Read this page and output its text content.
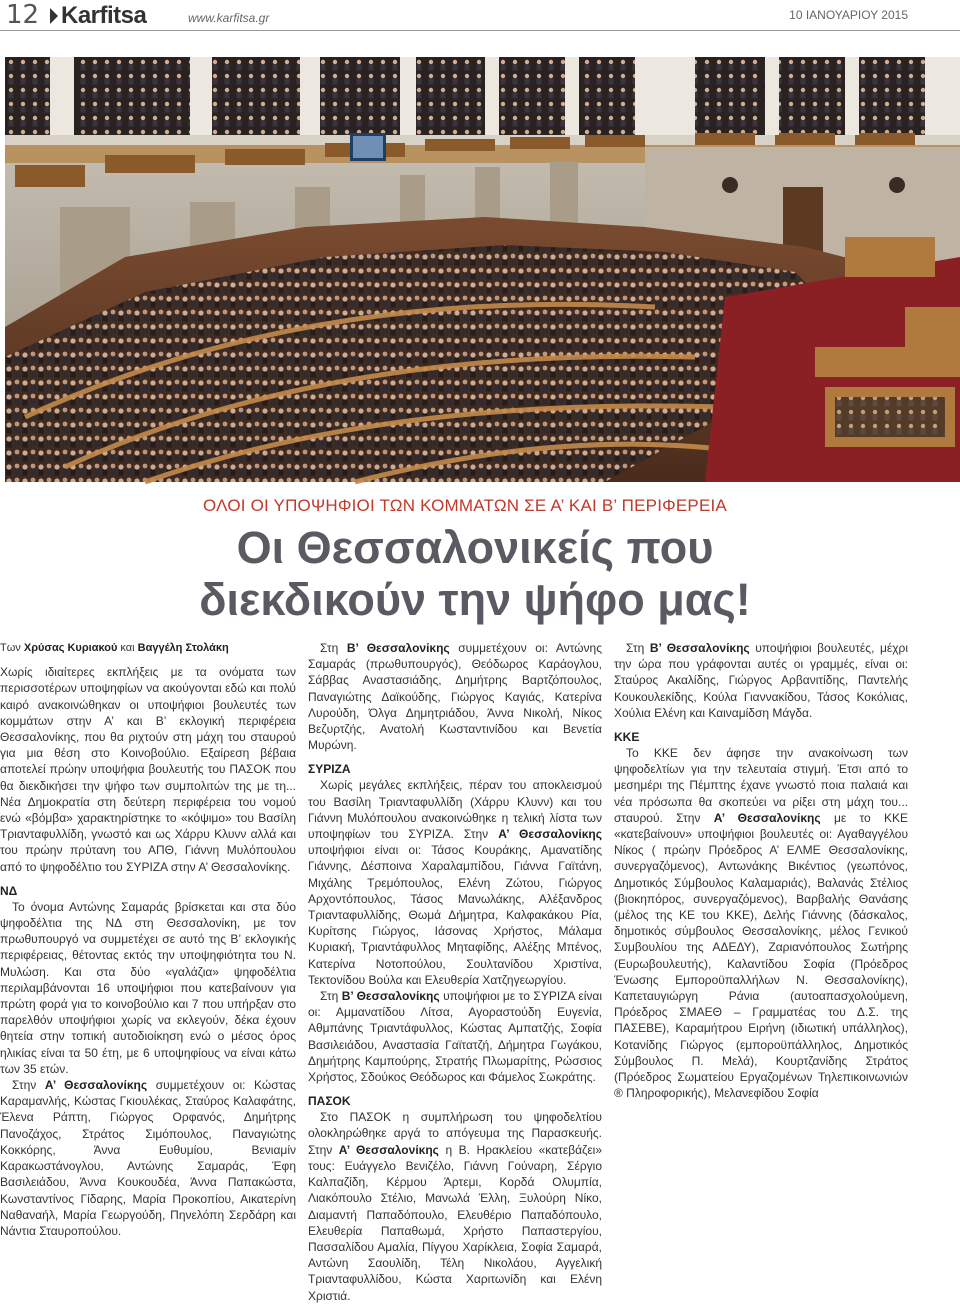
12 Karfitsa	www.karfitsa.gr	10 ΙΑΝΟΥΑΡΙΟΥ 2015
ΟΛΟΙ ΟΙ ΥΠΟΨΗΦΙΟΙ ΤΩΝ ΚΟΜΜΑΤΩΝ ΣΕ Α’ ΚΑΙ Β’ ΠΕΡΙΦΕΡΕΙΑ
Οι Θεσσαλονικείς που διεκδικούν την ψήφο μας!
Των Χρύσας Κυριακού και Βαγγέλη Στολάκη

Χωρίς ιδιαίτερες εκπλήξεις με τα ονόματα των περισσοτέρων υποψηφίων να ακούγονται εδώ και πολύ καιρό ανακοινώθηκαν οι υποψήφιοι βουλευτές των κομμάτων στην Α’ και Β’ εκλογική περιφέρεια Θεσσαλονίκης, που θα ριχτούν στη μάχη του σταυρού για μια θέση στο Κοινοβούλιο. Εξαίρεση βέβαια αποτελεί πρώην υποψήφια βουλευτής του ΠΑΣΟΚ που θα διεκδικήσει την ψήφο των συμπολιτών της με τη... Νέα Δημοκρατία στη δεύτερη περιφέρεια του νομού ενώ «βόμβα» χαρακτηρίστηκε το «κόψιμο» του Βασίλη Τριανταφυλλίδη, γνωστό και ως Χάρρυ Κλυνν αλλά και του πρώην πρύτανη του ΑΠΘ, Γιάννη Μυλόπουλου από το ψηφοδέλτιο του ΣΥΡΙΖΑ στην Α’ Θεσσαλονίκης.

ΝΔ

Το όνομα Αντώνης Σαμαράς βρίσκεται και στα δύο ψηφοδέλτια της ΝΔ στη Θεσσαλονίκη, με τον πρωθυπουργό να συμμετέχει σε αυτό της Β’ εκλογικής περιφέρειας, θέτοντας εκτός την υποψηφιότητα του Ν. Μυλώση. Και στα δύο «γαλάζια» ψηφοδέλτια περιλαμβάνονται 16 υποψήφιοι που κατεβαίνουν για πρώτη φορά για το κοινοβούλιο και 7 που υπήρξαν στο παρελθόν υποψήφιοι χωρίς να εκλεγούν, δέκα έχουν θητεία στην τοπική αυτοδιοίκηση ενώ ο μέσος όρος ηλικίας είναι τα 50 έτη, με 6 υποψηφίους να είναι κάτω των 35 ετών.

Στην Α’ Θεσσαλονίκης συμμετέχουν οι: Κώστας Καραμανλής, Κώστας Γκιουλέκας, Σταύρος Καλαφάτης, Έλενα Ράπτη, Γιώργος Ορφανός, Δημήτρης Πανοζάχος, Στράτος Σιμόπουλος, Παναγιώτης Κοκκόρης, Άννα Ευθυμίου, Βενιαμίν Καρακωστάνογλου, Αντώνης Σαμαράς, Έφη Βασιλειάδου, Άννα Κουκουδέα, Άννα Παπακώστα, Κωνσταντίνος Γίδαρης, Μαρία Προκοπίου, Αικατερίνη Ναθαναήλ, Μαρία Γεωργούδη, Πηνελόπη Σερδάρη και Νάντια Σταυροπούλου.

Στη Β’ Θεσσαλονίκης συμμετέχουν οι: Αντώνης Σαμαράς (πρωθυπουργός), Θεόδωρος Καράογλου, Σάββας Αναστασιάδης, Δημήτρης Βαρτζόπουλος, Παναγιώτης Δαϊκούδης, Γιώργος Καγιάς, Κατερίνα Λυρούδη, Όλγα Δημητριάδου, Άννα Νικολή, Νίκος Βεζυρτζής, Ανατολή Κωσταντινίδου και Βενετία Μυρώνη.

ΣΥΡΙΖΑ

Χωρίς μεγάλες εκπλήξεις, πέραν του αποκλεισμού του Βασίλη Τριανταφυλλίδη (Χάρρυ Κλυνν) και του Γιάννη Μυλόπουλου ανακοινώθηκε η τελική λίστα των υποψηφίων του ΣΥΡΙΖΑ. Στην Α’ Θεσσαλονίκης υποψήφιοι είναι οι: Τάσος Κουράκης, Αμανατίδης Γιάννης, Δέσποινα Χαραλαμπίδου, Γιάννα Γαϊτάνη, Μιχάλης Τρεμόπουλος, Ελένη Ζώτου, Γιώργος Αρχοντόπουλος, Τάσος Μανωλάκης, Αλέξανδρος Τριανταφυλλίδης, Θωμά Δήμητρα, Καλφακάκου Ρία, Κυρίτσης Γιώργος, Ιάσονας Χρήστος, Μάλαμα Κυριακή, Τριαντάφυλλος Μηταφίδης, Αλέξης Μπένος, Κατερίνα Νοτοπούλου, Σουλτανίδου Χριστίνα, Τεκτονίδου Βούλα και Ελευθερία Χατζηγεωργίου.

Στη Β’ Θεσσαλονίκης υποψήφιοι με το ΣΥΡΙΖΑ είναι οι: Αμμανατίδου Λίτσα, Αγοραστούδη Ευγενία, Αθμπάνης Τριαντάφυλλος, Κώστας Αμπατζής, Σοφία Βασιλειάδου, Αναστασία Γαϊτατζή, Δήμητρα Γωγάκου, Δημήτρης Καμπούρης, Στρατής Πλωμαρίτης, Ρώσσιος Χρήστος, Σδούκος Θεόδωρος και Φάμελος Σωκράτης.

ΠΑΣΟΚ

Στο ΠΑΣΟΚ η συμπλήρωση του ψηφοδελτίου ολοκληρώθηκε αργά το απόγευμα της Παρασκευής. Στην Α’ Θεσσαλονίκης η Β. Ηρακλείου «κατεβάζει» τους: Ευάγγελο Βενιζέλο, Γιάννη Γούναρη, Σέργιο Καλπαζίδη, Κέρμου Άρτεμι, Κορδά Ολυμπία, Λιακόπουλο Στέλιο, Μανωλά Έλλη, Ξυλούρη Νίκο, Διαμαντή Παπαδόπουλο, Ελευθέριο Παπαδόπουλο, Ελευθερία Παπαθωμά, Χρήστο Παπαστεργίου, Πασσαλίδου Αμαλία, Πίγγου Χαρίκλεια, Σοφία Σαμαρά, Αντώνη Σαουλίδη, Τέλη Νικολάου, Αγγελική Τριανταφυλλίδου, Κώστα Χαριτωνίδη και Ελένη Χριστιά.

Στη Β’ Θεσσαλονίκης υποψήφιοι βουλευτές, μέχρι την ώρα που γράφονται αυτές οι γραμμές, είναι οι: Σταύρος Ακαλίδης, Γιώργος Αρβανιτίδης, Παντελής Κουκουλεκίδης, Κούλα Γιαννακίδου, Τάσος Κοκόλιας, Χούλια Ελένη και Καιναμίδση Μάγδα.

ΚΚΕ

Το ΚΚΕ δεν άφησε την ανακοίνωση των ψηφοδελτίων για την τελευταία στιγμή. Έτσι από το μεσημέρι της Πέμπτης έχανε γνωστό ποια παλαιά και νέα πρόσωπα θα σκοπεύει να ρίξει στη μάχη του... σταυρού. Στην Α’ Θεσσαλονίκης με το ΚΚΕ «κατεβαίνουν» υποψήφιοι βουλευτές οι: Αγαθαγγέλου Νίκος ( πρώην Πρόεδρος Α’ ΕΛΜΕ Θεσσαλονίκης, συνεργαζόμενος), Αντωνάκης Βικέντιος (γεωπόνος, Δημοτικός Σύμβουλος Καλαμαριάς), Βαλανάς Στέλιος (βιοκηπόρος, συνεργαζόμενος), Βαρβαλής Θανάσης (μέλος της ΚΕ του ΚΚΕ), Δελής Γιάννης (δάσκαλος, δημοτικός σύμβουλος Θεσσαλονίκης, μέλος Γενικού Συμβουλίου της ΑΔΕΔΥ), Ζαριανόπουλος Σωτήρης (Ευρωβουλευτής), Καλαντίδου Σοφία (Πρόεδρος Ένωσης Εμποροϋπαλλήλων Ν. Θεσσαλονίκης), Καπεταυγιώργη Ράνια (αυτοαπασχολούμενη, Πρόεδρος ΣΜΑΕΘ – Γραμματέας του Δ.Σ. της ΠΑΣΕΒΕ), Καραμήτρου Ειρήνη (ιδιωτική υπάλληλος), Κοτανίδης Γιώργος (εμποροϋπάλληλος, Δημοτικός Σύμβουλος Π. Μελά), Κουρτζανίδης Στράτος (Πρόεδρος Σωματείου Εργαζομένων Τηλεπικοινωνιών ® Πληροφορικής), Μελανεφίδου Σοφία
